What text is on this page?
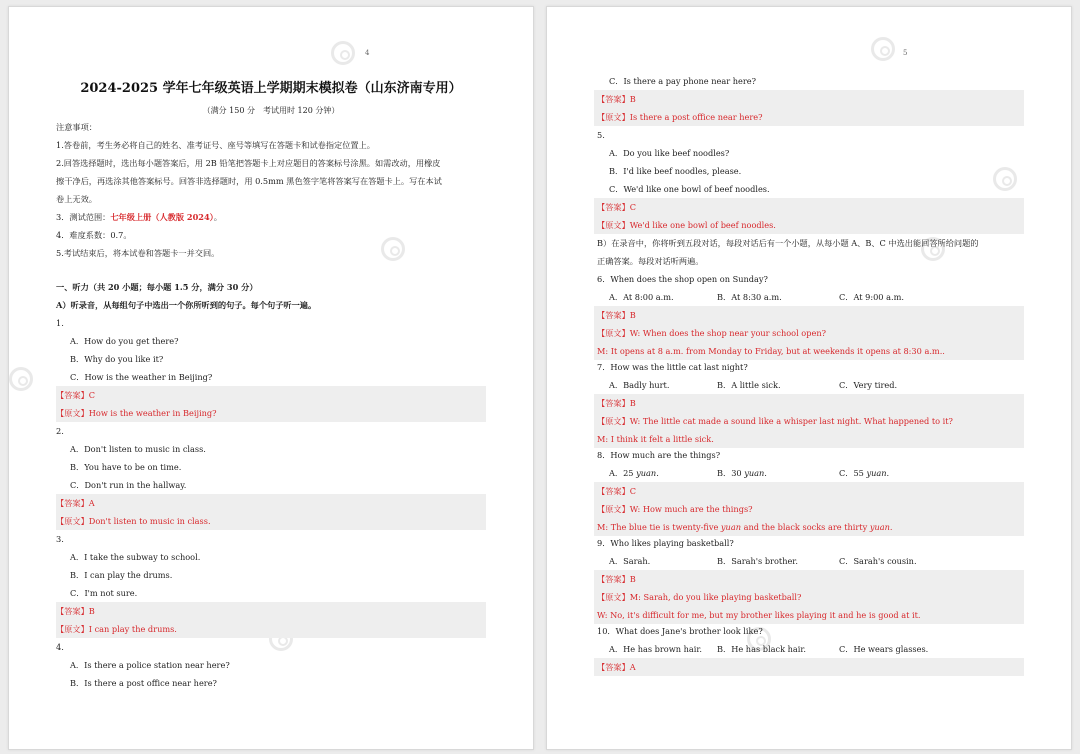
4
2024-2025 学年七年级英语上学期期末模拟卷（山东济南专用）
（满分 150 分　考试用时 120 分钟）
注意事项：
1.答卷前，考生务必将自己的姓名、准考证号、座号等填写在答题卡和试卷指定位置上。
2.回答选择题时，选出每小题答案后，用 2B 铅笔把答题卡上对应题目的答案标号涂黑。如需改动，用橡皮
擦干净后，再选涂其他答案标号。回答非选择题时，用 0.5mm 黑色签字笔将答案写在答题卡上。写在本试
卷上无效。
3．测试范围：七年级上册（人教版 2024）。
4．难度系数：0.7。
5.考试结束后，将本试卷和答题卡一并交回。
一、听力（共 20 小题；每小题 1.5 分，满分 30 分）
A）听录音，从每组句子中选出一个你所听到的句子。每个句子听一遍。
1.
A．How do you get there?
B．Why do you like it?
C．How is the weather in Beijing?
【答案】C
【原文】How is the weather in Beijing?
2.
A．Don't listen to music in class.
B．You have to be on time.
C．Don't run in the hallway.
【答案】A
【原文】Don't listen to music in class.
3.
A．I take the subway to school.
B．I can play the drums.
C．I'm not sure.
【答案】B
【原文】I can play the drums.
4.
A．Is there a police station near here?
B．Is there a post office near here?
5
C．Is there a pay phone near here?
【答案】B
【原文】Is there a post office near here?
5.
A．Do you like beef noodles?
B．I'd like beef noodles, please.
C．We'd like one bowl of beef noodles.
【答案】C
【原文】We'd like one bowl of beef noodles.
B）在录音中，你将听到五段对话，每段对话后有一个小题，从每小题 A、B、C 中选出能回答所给问题的
正确答案。每段对话听两遍。
6．When does the shop open on Sunday?
A．At 8:00 a.m.	B．At 8:30 a.m.	C．At 9:00 a.m.
【答案】B
【原文】W: When does the shop near your school open?
M: It opens at 8 a.m. from Monday to Friday, but at weekends it opens at 8:30 a.m..
7．How was the little cat last night?
A．Badly hurt.	B．A little sick.	C．Very tired.
【答案】B
【原文】W: The little cat made a sound like a whisper last night. What happened to it?
M: I think it felt a little sick.
8．How much are the things?
A．25 yuan.	B．30 yuan.	C．55 yuan.
【答案】C
【原文】W: How much are the things?
M: The blue tie is twenty-five yuan and the black socks are thirty yuan.
9．Who likes playing basketball?
A．Sarah.	B．Sarah's brother.	C．Sarah's cousin.
【答案】B
【原文】M: Sarah, do you like playing basketball?
W: No, it's difficult for me, but my brother likes playing it and he is good at it.
10．What does Jane's brother look like?
A．He has brown hair. B．He has black hair.	C．He wears glasses.
【答案】A
